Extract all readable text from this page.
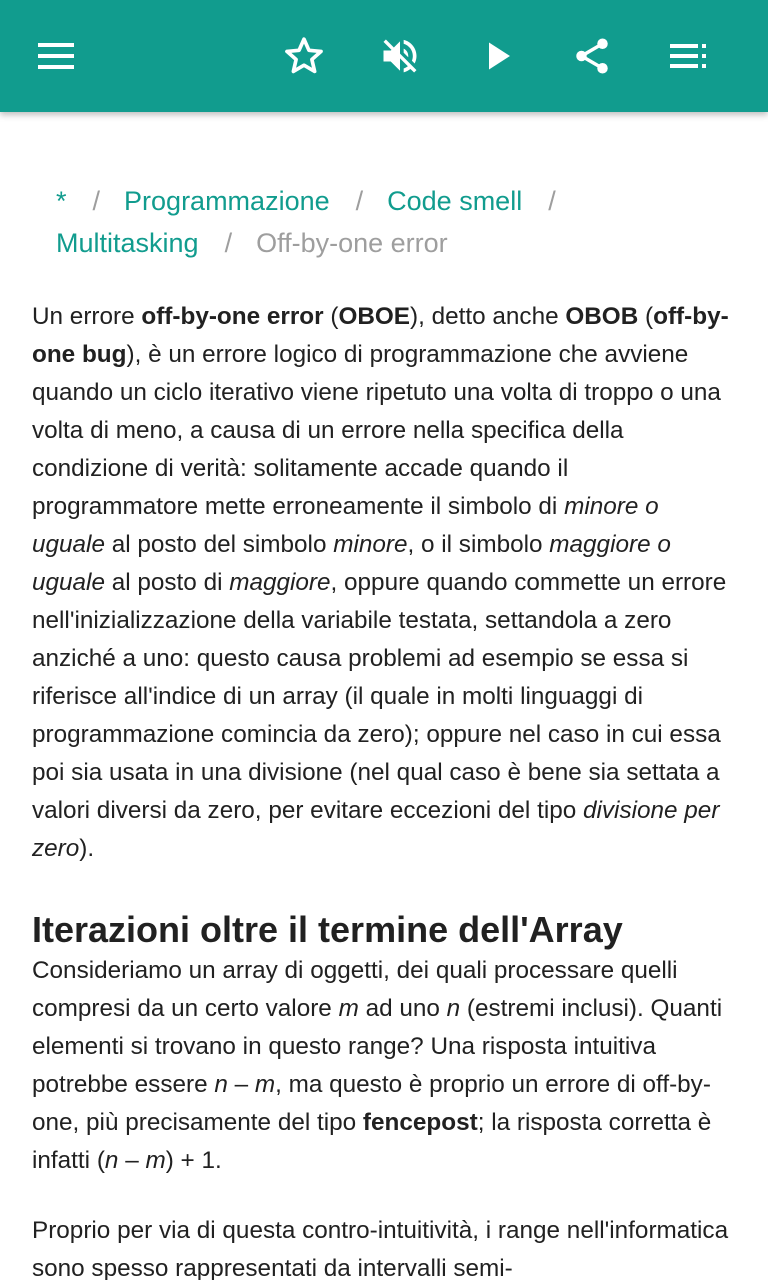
* / Programmazione / Code smell /
Multitasking / Off-by-one error

Un errore off-by-one error (OBOE), detto anche OBOB (off-by-one bug), è un errore logico di programmazione che avviene quando un ciclo iterativo viene ripetuto una volta di troppo o una volta di meno, a causa di un errore nella specifica della condizione di verità: solitamente accade quando il programmatore mette erroneamente il simbolo di minore o uguale al posto del simbolo minore, o il simbolo maggiore o uguale al posto di maggiore, oppure quando commette un errore nell'inizializzazione della variabile testata, settandola a zero anziché a uno: questo causa problemi ad esempio se essa si riferisce all'indice di un array (il quale in molti linguaggi di programmazione comincia da zero); oppure nel caso in cui essa poi sia usata in una divisione (nel qual caso è bene sia settata a valori diversi da zero, per evitare eccezioni del tipo divisione per zero).

Iterazioni oltre il termine dell'Array

Consideriamo un array di oggetti, dei quali processare quelli compresi da un certo valore m ad uno n (estremi inclusi). Quanti elementi si trovano in questo range? Una risposta intuitiva potrebbe essere n – m, ma questo è proprio un errore di off-by-one, più precisamente del tipo fencepost; la risposta corretta è infatti (n – m) + 1.

Proprio per via di questa contro-intuitività, i range nell'informatica sono spesso rappresentati da intervalli semi-
